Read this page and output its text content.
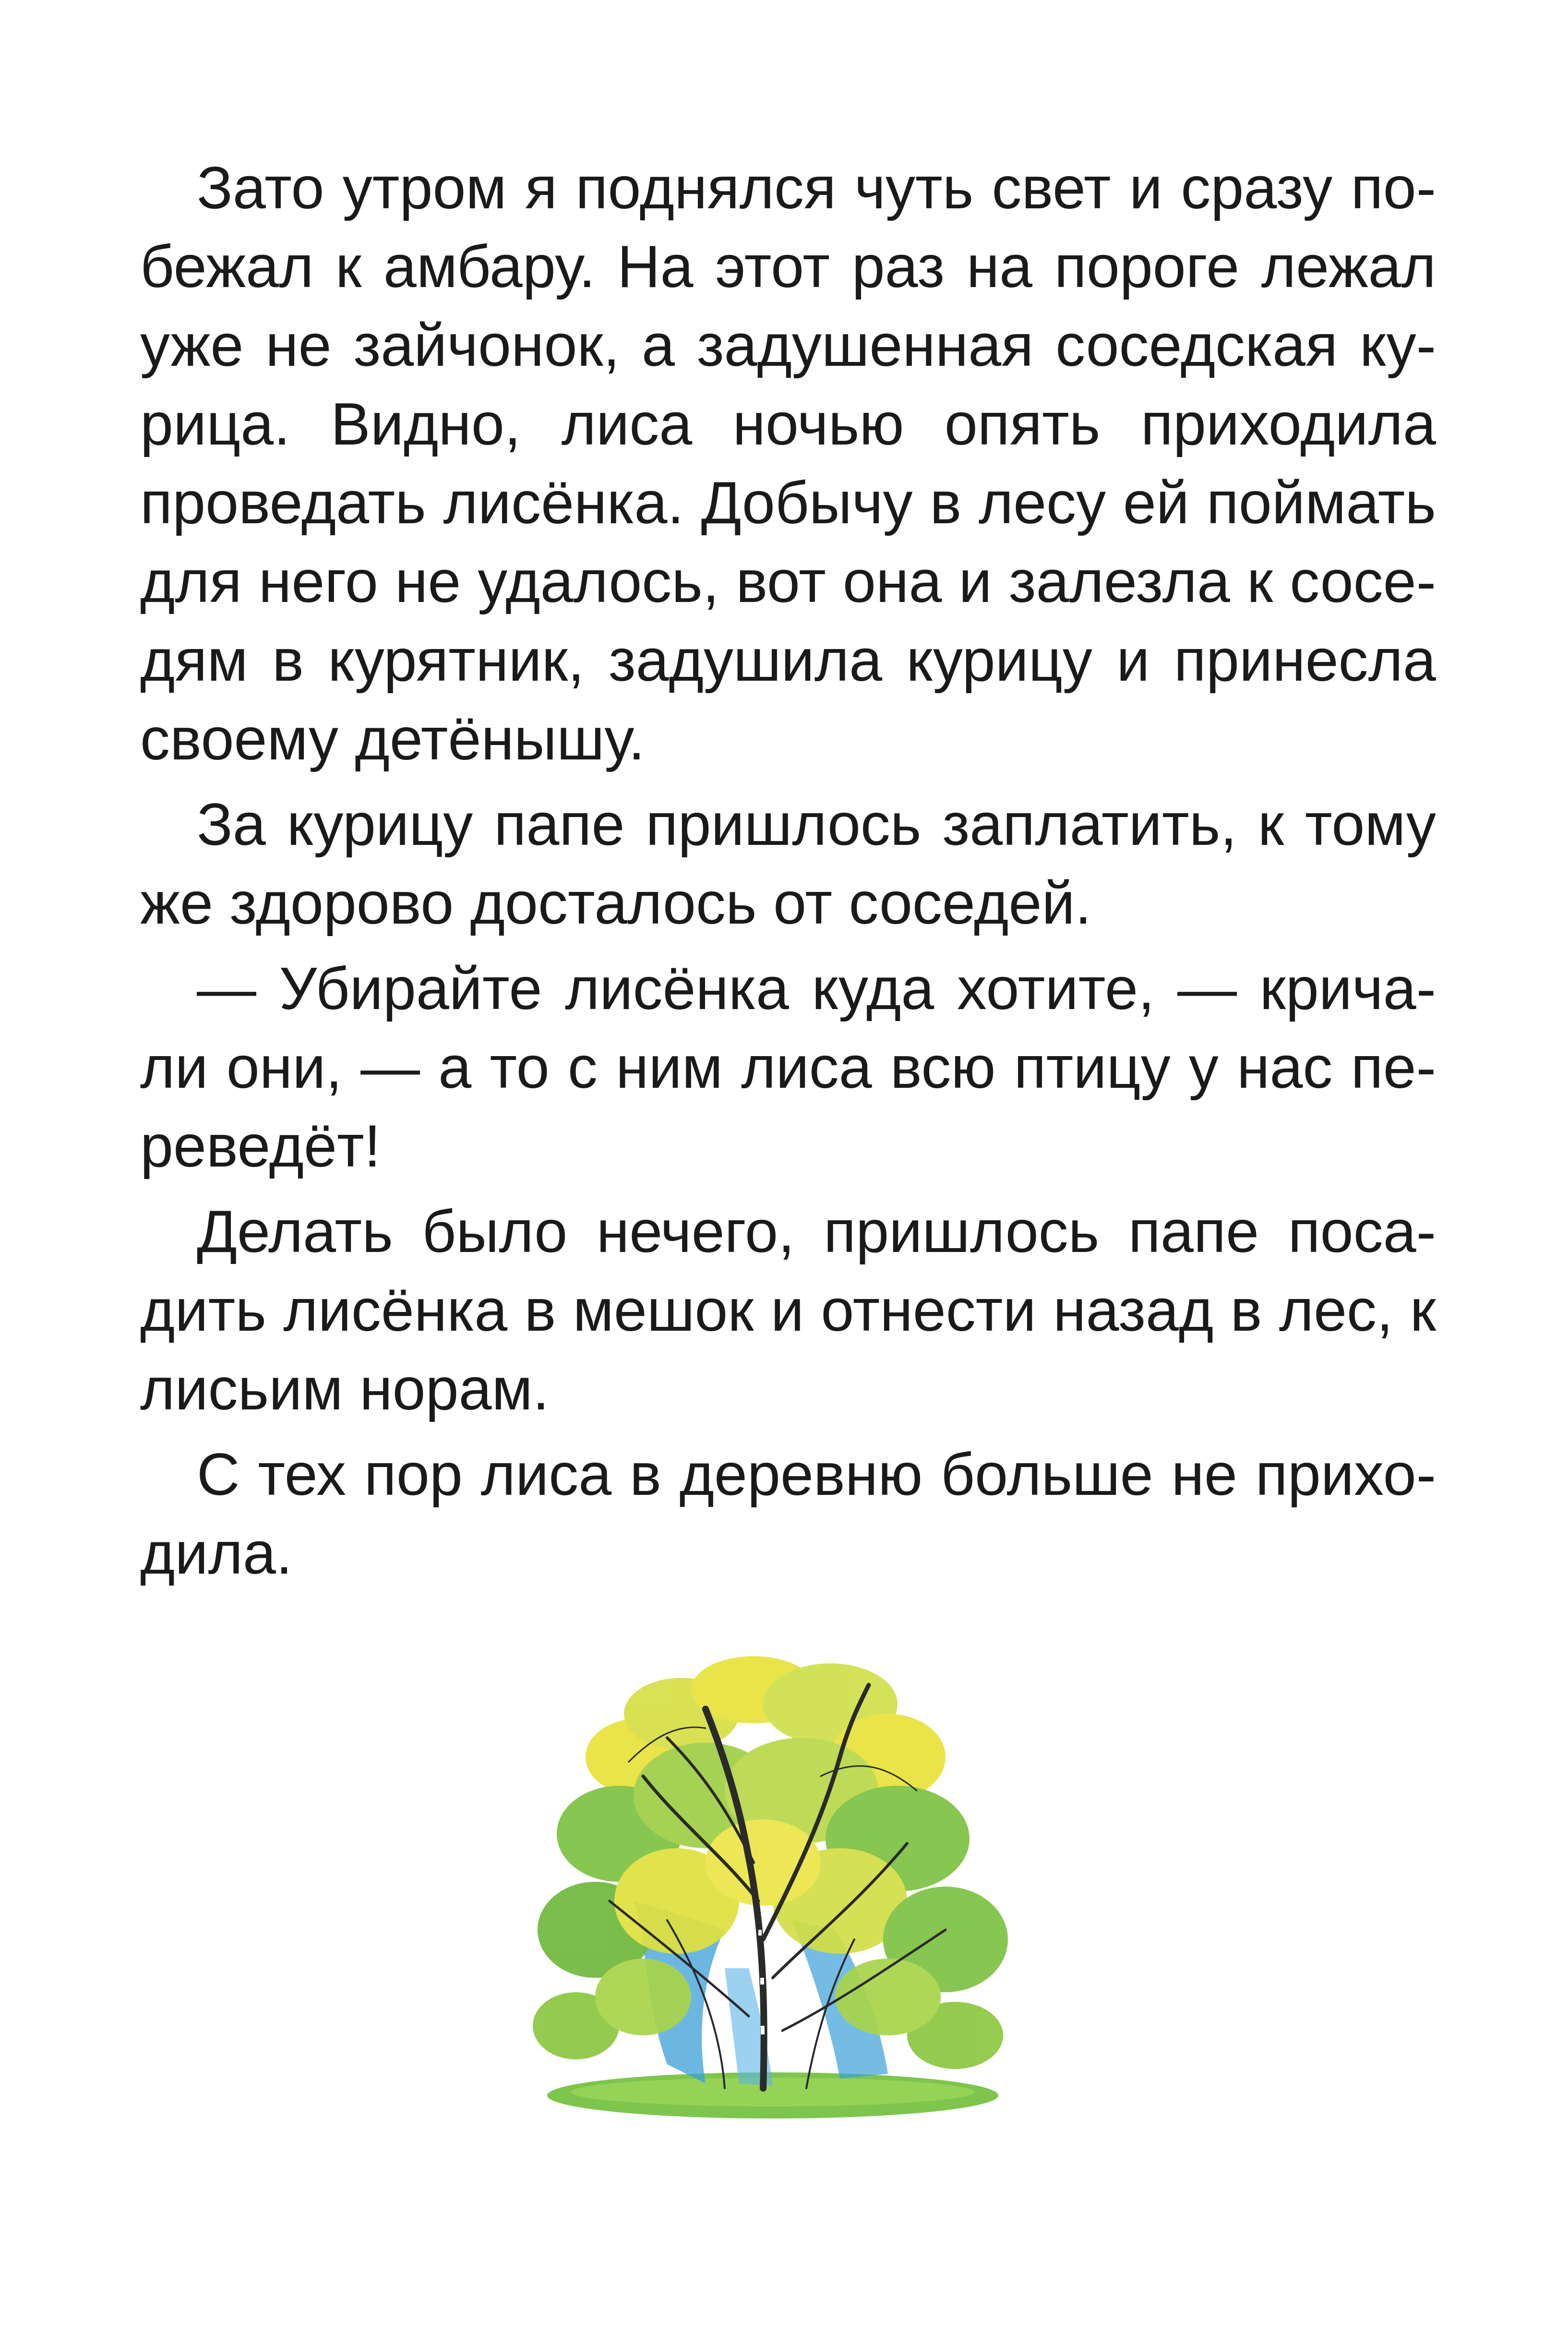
Зато утром я поднялся чуть свет и сразу по-
бежал к амбару. На этот раз на пороге лежал
уже не зайчонок, а задушенная соседская ку-
рица. Видно, лиса ночью опять приходила
проведать лисёнка. Добычу в лесу ей поймать
для него не удалось, вот она и залезла к сосе-
дям в курятник, задушила курицу и принесла
своему детёнышу.
За курицу папе пришлось заплатить, к тому
же здорово досталось от соседей.
— Убирайте лисёнка куда хотите, — крича-
ли они, — а то с ним лиса всю птицу у нас пе-
реведёт!
Делать было нечего, пришлось папе поса-
дить лисёнка в мешок и отнести назад в лес, к
лисьим норам.
С тех пор лиса в деревню больше не прихо-
дила.
